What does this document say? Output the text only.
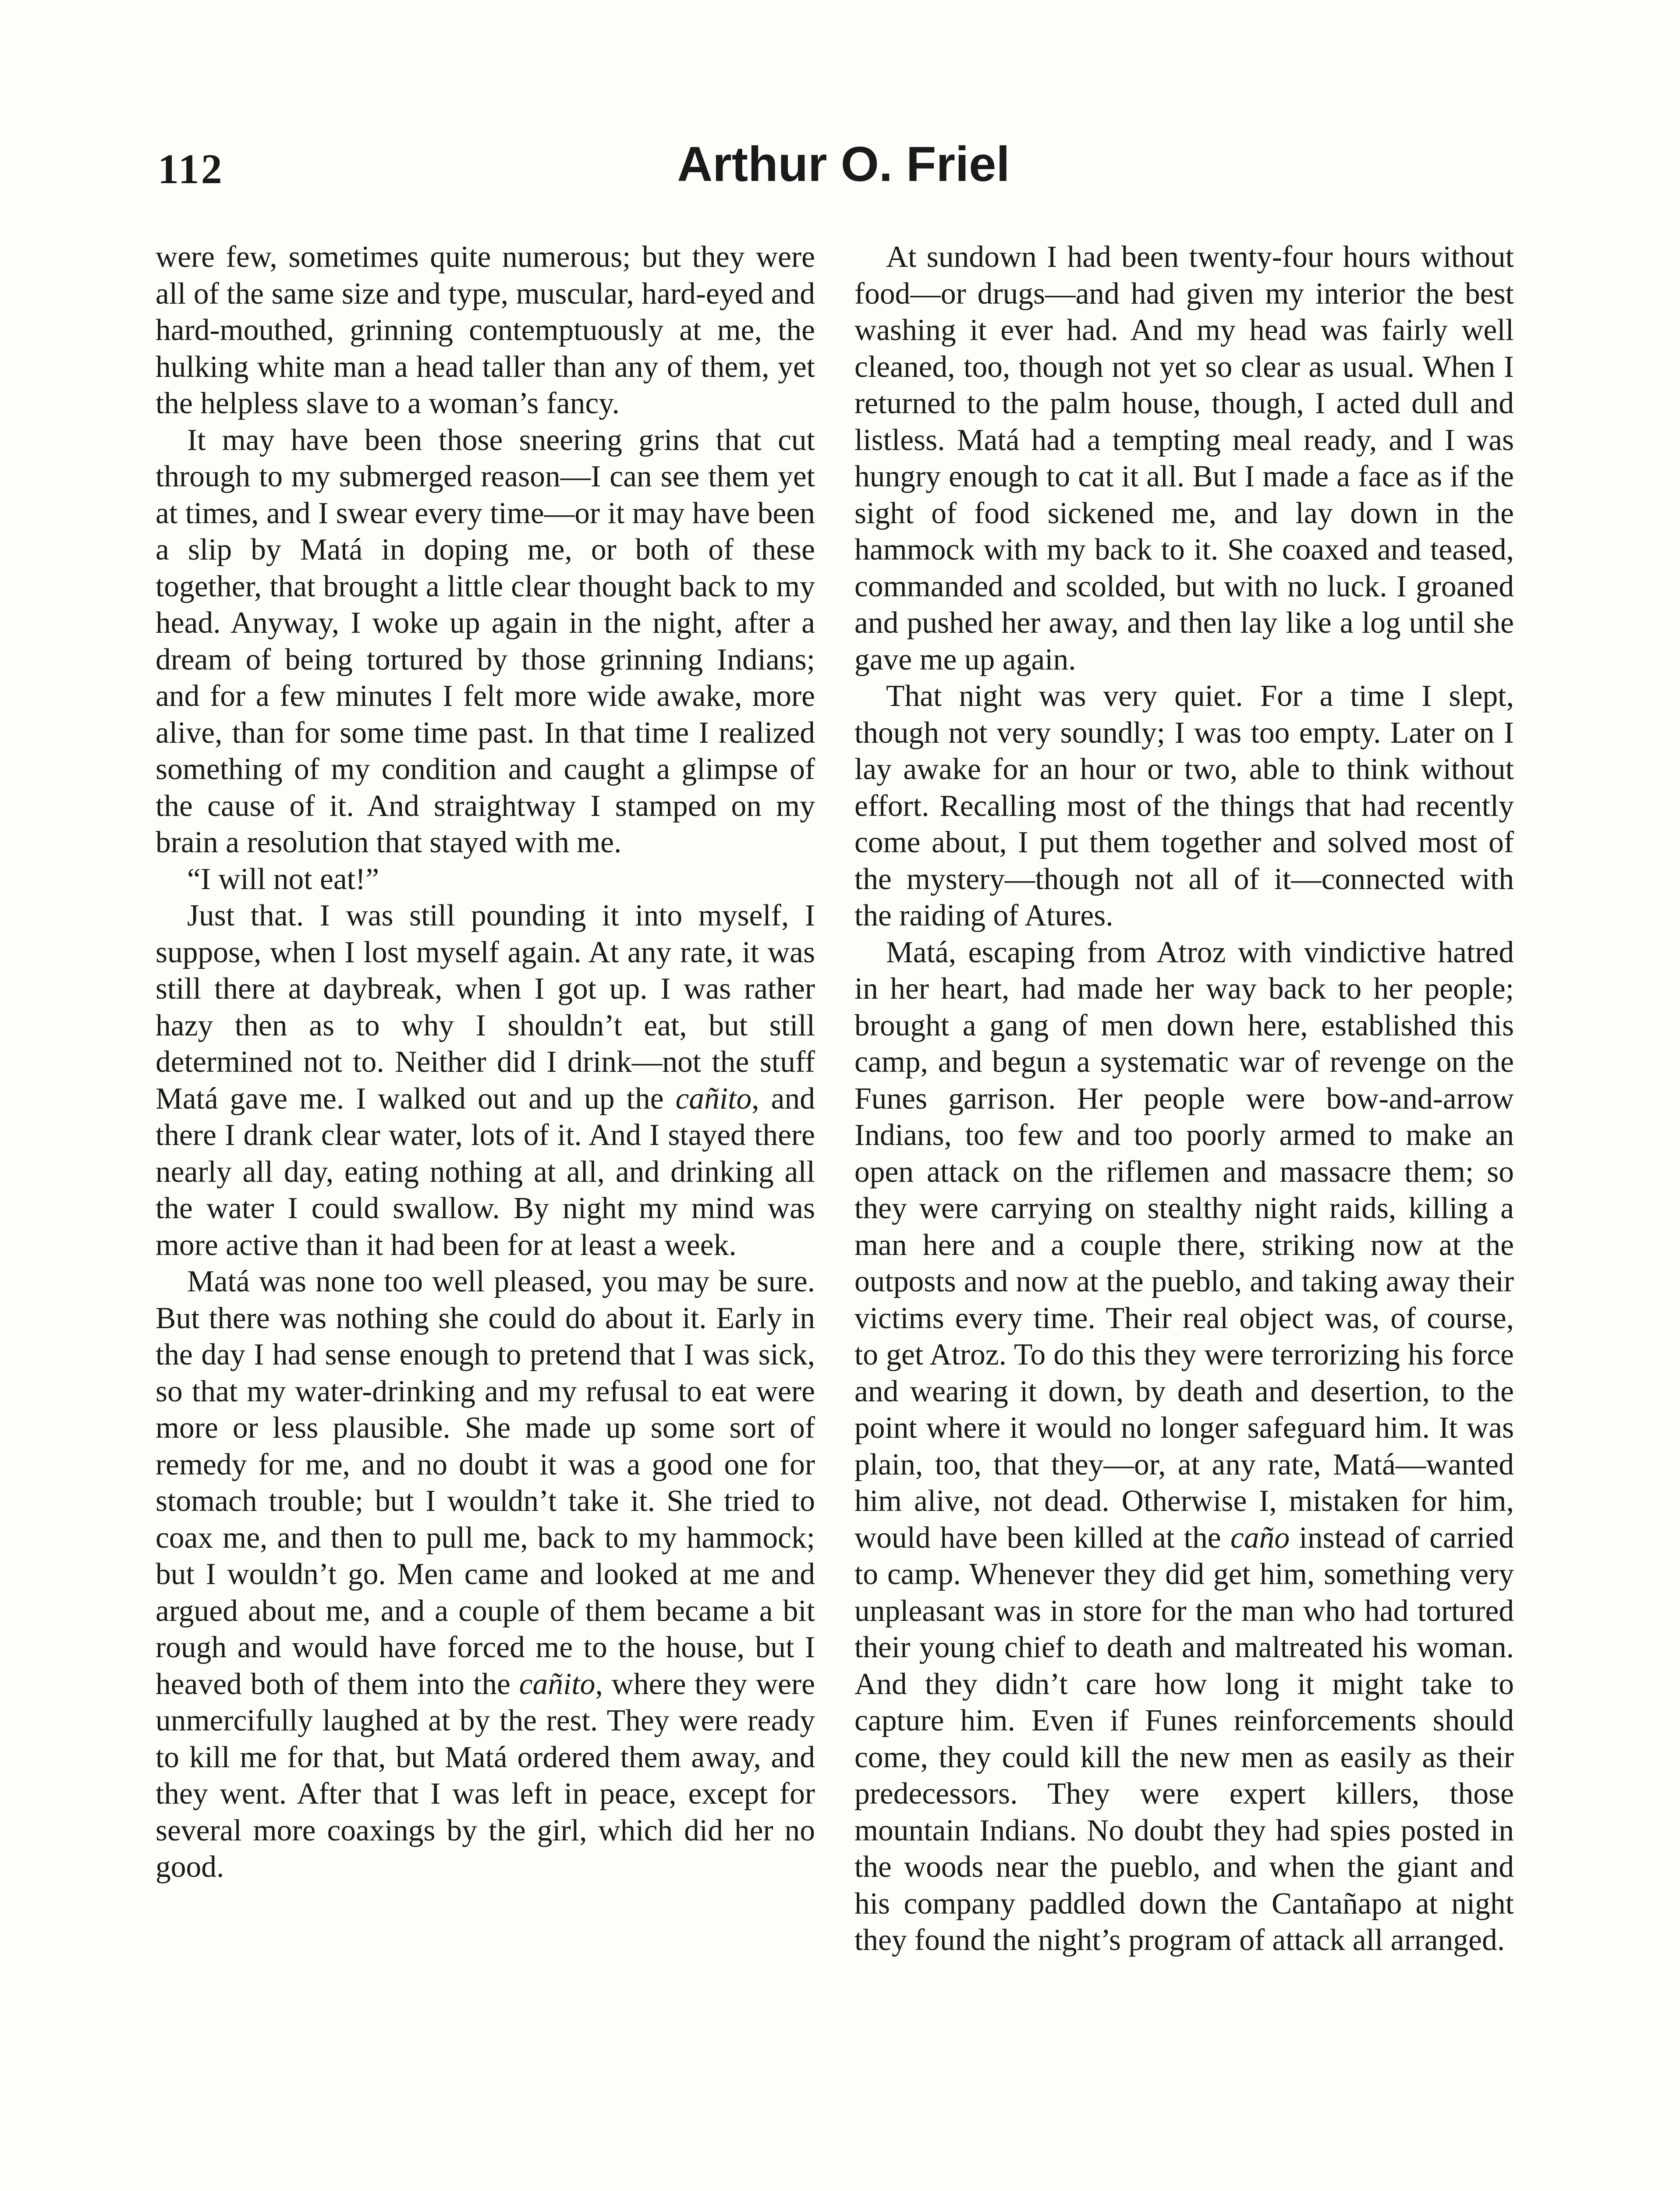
112	Arthur O. Friel

were few, sometimes quite numerous; but they were all of the same size and type, muscular, hard-eyed and hard-mouthed, grinning contemptuously at me, the hulking white man a head taller than any of them, yet the helpless slave to a woman’s fancy.

It may have been those sneering grins that cut through to my submerged reason—I can see them yet at times, and I swear every time—or it may have been a slip by Matá in doping me, or both of these together, that brought a little clear thought back to my head. Anyway, I woke up again in the night, after a dream of being tortured by those grinning Indians; and for a few minutes I felt more wide awake, more alive, than for some time past. In that time I realized something of my condition and caught a glimpse of the cause of it. And straightway I stamped on my brain a resolution that stayed with me.

“I will not eat!”

Just that. I was still pounding it into myself, I suppose, when I lost myself again. At any rate, it was still there at daybreak, when I got up. I was rather hazy then as to why I shouldn’t eat, but still determined not to. Neither did I drink—not the stuff Matá gave me. I walked out and up the cañito, and there I drank clear water, lots of it. And I stayed there nearly all day, eating nothing at all, and drinking all the water I could swallow. By night my mind was more active than it had been for at least a week.

Matá was none too well pleased, you may be sure. But there was nothing she could do about it. Early in the day I had sense enough to pretend that I was sick, so that my water-drinking and my refusal to eat were more or less plausible. She made up some sort of remedy for me, and no doubt it was a good one for stomach trouble; but I wouldn’t take it. She tried to coax me, and then to pull me, back to my hammock; but I wouldn’t go. Men came and looked at me and argued about me, and a couple of them became a bit rough and would have forced me to the house, but I heaved both of them into the cañito, where they were unmercifully laughed at by the rest. They were ready to kill me for that, but Matá ordered them away, and they went. After that I was left in peace, except for several more coaxings by the girl, which did her no good.

At sundown I had been twenty-four hours without food—or drugs—and had given my interior the best washing it ever had. And my head was fairly well cleaned, too, though not yet so clear as usual. When I returned to the palm house, though, I acted dull and listless. Matá had a tempting meal ready, and I was hungry enough to cat it all. But I made a face as if the sight of food sickened me, and lay down in the hammock with my back to it. She coaxed and teased, commanded and scolded, but with no luck. I groaned and pushed her away, and then lay like a log until she gave me up again.

That night was very quiet. For a time I slept, though not very soundly; I was too empty. Later on I lay awake for an hour or two, able to think without effort. Recalling most of the things that had recently come about, I put them together and solved most of the mystery—though not all of it—connected with the raiding of Atures.

Matá, escaping from Atroz with vindictive hatred in her heart, had made her way back to her people; brought a gang of men down here, established this camp, and begun a systematic war of revenge on the Funes garrison. Her people were bow-and-arrow Indians, too few and too poorly armed to make an open attack on the riflemen and massacre them; so they were carrying on stealthy night raids, killing a man here and a couple there, striking now at the outposts and now at the pueblo, and taking away their victims every time. Their real object was, of course, to get Atroz. To do this they were terrorizing his force and wearing it down, by death and desertion, to the point where it would no longer safeguard him. It was plain, too, that they—or, at any rate, Matá—wanted him alive, not dead. Otherwise I, mistaken for him, would have been killed at the caño instead of carried to camp. Whenever they did get him, something very unpleasant was in store for the man who had tortured their young chief to death and maltreated his woman. And they didn’t care how long it might take to capture him. Even if Funes reinforcements should come, they could kill the new men as easily as their predecessors. They were expert killers, those mountain Indians. No doubt they had spies posted in the woods near the pueblo, and when the giant and his company paddled down the Cantañapo at night they found the night’s program of attack all arranged.
